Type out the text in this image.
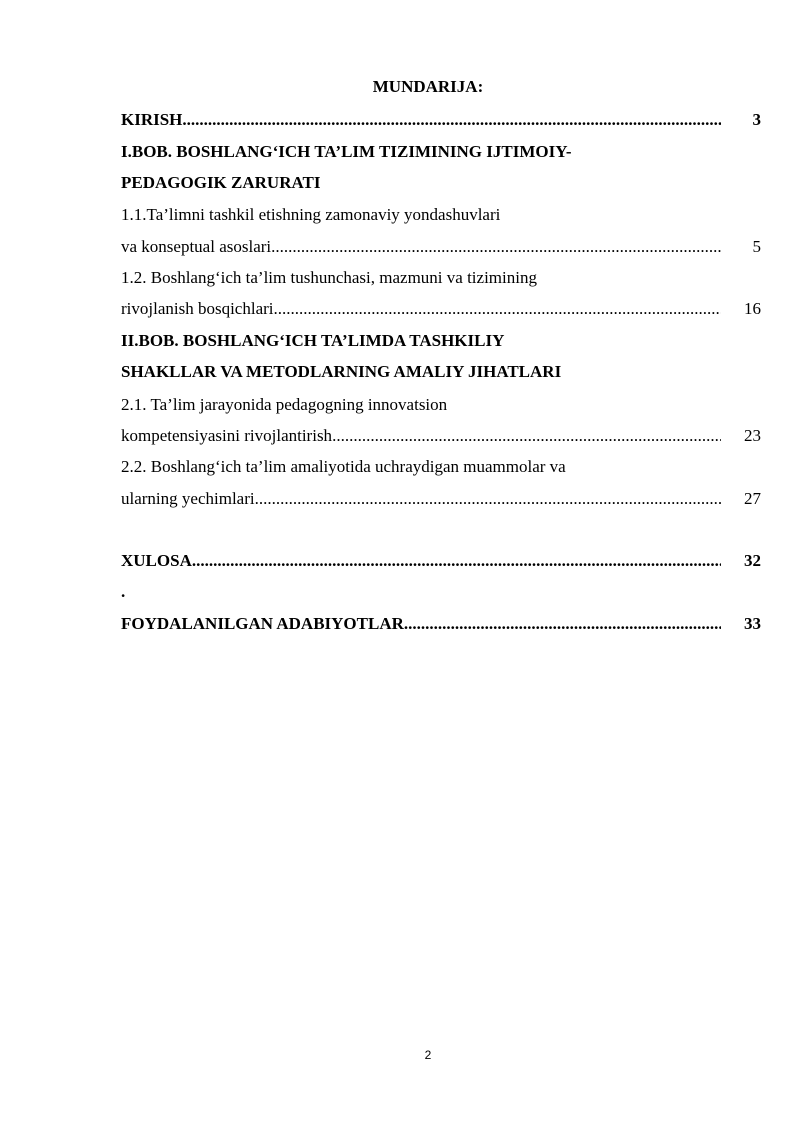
MUNDARIJA:
KIRISH .....	3
I.BOB. BOSHLANG‘ICH TA’LIM TIZIMINING IJTIMOIY-
PEDAGOGIK ZARURATI
1.1.Ta’limni tashkil etishning zamonaviy yondashuvlari
va konseptual asoslari .....	5
1.2. Boshlang‘ich ta’lim tushunchasi, mazmuni va tizimining
rivojlanish bosqichlari .....	16
II.BOB. BOSHLANG‘ICH TA’LIMDA TASHKILIY
SHAKLLAR VA METODLARNING AMALIY JIHATLARI
2.1. Ta’lim jarayonida pedagogning innovatsion
kompetensiyasini rivojlantirish .....	23
2.2. Boshlang‘ich ta’lim amaliyotida uchraydigan muammolar va
ularning yechimlari .....	27
XULOSA .....	32
.
FOYDALANILGAN ADABIYOTLAR .....	33
2
